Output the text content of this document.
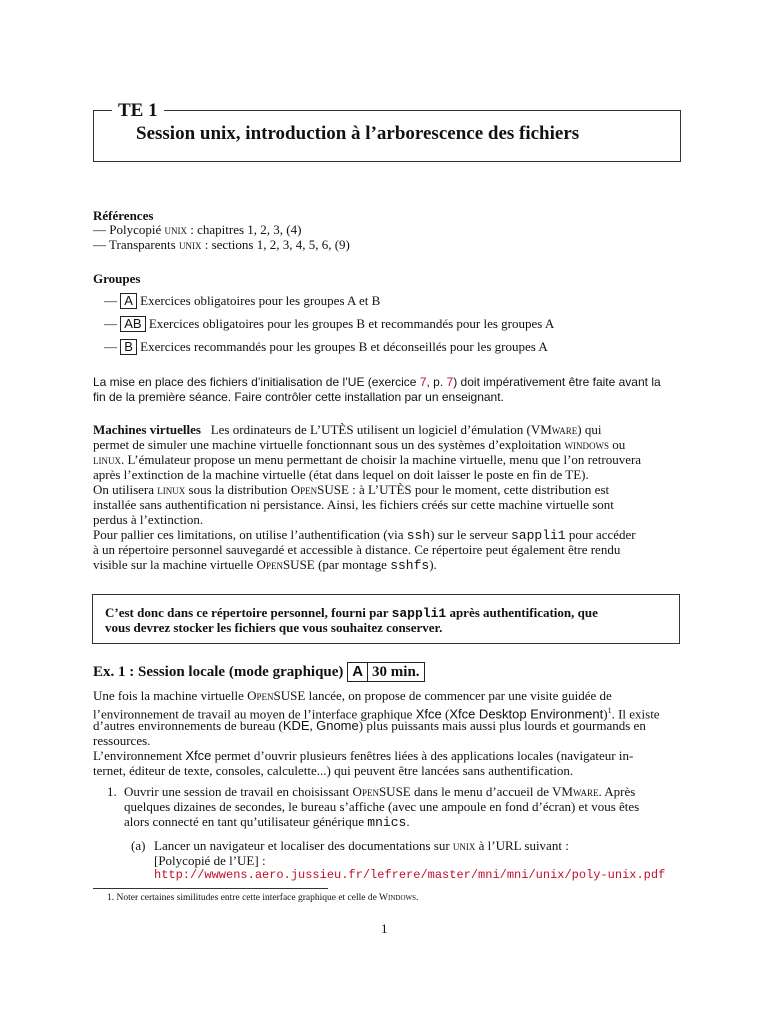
TE 1
Session unix, introduction à l’arborescence des fichiers
Références
— Polycopié unix : chapitres 1, 2, 3, (4)
— Transparents unix : sections 1, 2, 3, 4, 5, 6, (9)
Groupes
— A Exercices obligatoires pour les groupes A et B
— AB Exercices obligatoires pour les groupes B et recommandés pour les groupes A
— B Exercices recommandés pour les groupes B et déconseillés pour les groupes A
La mise en place des fichiers d’initialisation de l’UE (exercice 7, p. 7) doit impérativement être faite avant la
fin de la première séance. Faire contrôler cette installation par un enseignant.
Machines virtuelles Les ordinateurs de L’UTÈS utilisent un logiciel d’émulation (VMware) qui
permet de simuler une machine virtuelle fonctionnant sous un des systèmes d’exploitation windows ou
linux. L’émulateur propose un menu permettant de choisir la machine virtuelle, menu que l’on retrouvera
après l’extinction de la machine virtuelle (état dans lequel on doit laisser le poste en fin de TE).
On utilisera linux sous la distribution OpenSUSE : à L’UTÈS pour le moment, cette distribution est
installée sans authentification ni persistance. Ainsi, les fichiers créés sur cette machine virtuelle sont
perdus à l’extinction.
Pour pallier ces limitations, on utilise l’authentification (via ssh) sur le serveur sappli1 pour accéder
à un répertoire personnel sauvegardé et accessible à distance. Ce répertoire peut également être rendu
visible sur la machine virtuelle OpenSUSE (par montage sshfs).
C’est donc dans ce répertoire personnel, fourni par sappli1 après authentification, que
vous devrez stocker les fichiers que vous souhaitez conserver.
Ex. 1 : Session locale (mode graphique) A 30 min.
Une fois la machine virtuelle OpenSUSE lancée, on propose de commencer par une visite guidée de
l’environnement de travail au moyen de l’interface graphique Xfce (Xfce Desktop Environment)$^1$. Il existe
d’autres environnements de bureau (KDE, Gnome) plus puissants mais aussi plus lourds et gourmands en
ressources.
L’environnement Xfce permet d’ouvrir plusieurs fenêtres liées à des applications locales (navigateur in-
ternet, éditeur de texte, consoles, calculette...) qui peuvent être lancées sans authentification.
1. Ouvrir une session de travail en choisissant OpenSUSE dans le menu d’accueil de VMware. Après
quelques dizaines de secondes, le bureau s’affiche (avec une ampoule en fond d’écran) et vous êtes
alors connecté en tant qu’utilisateur générique mnics.
(a) Lancer un navigateur et localiser des documentations sur unix à l’URL suivant :
[Polycopié de l’UE] :
http://wwwens.aero.jussieu.fr/lefrere/master/mni/mni/unix/poly-unix.pdf
1. Noter certaines similitudes entre cette interface graphique et celle de Windows.
1
